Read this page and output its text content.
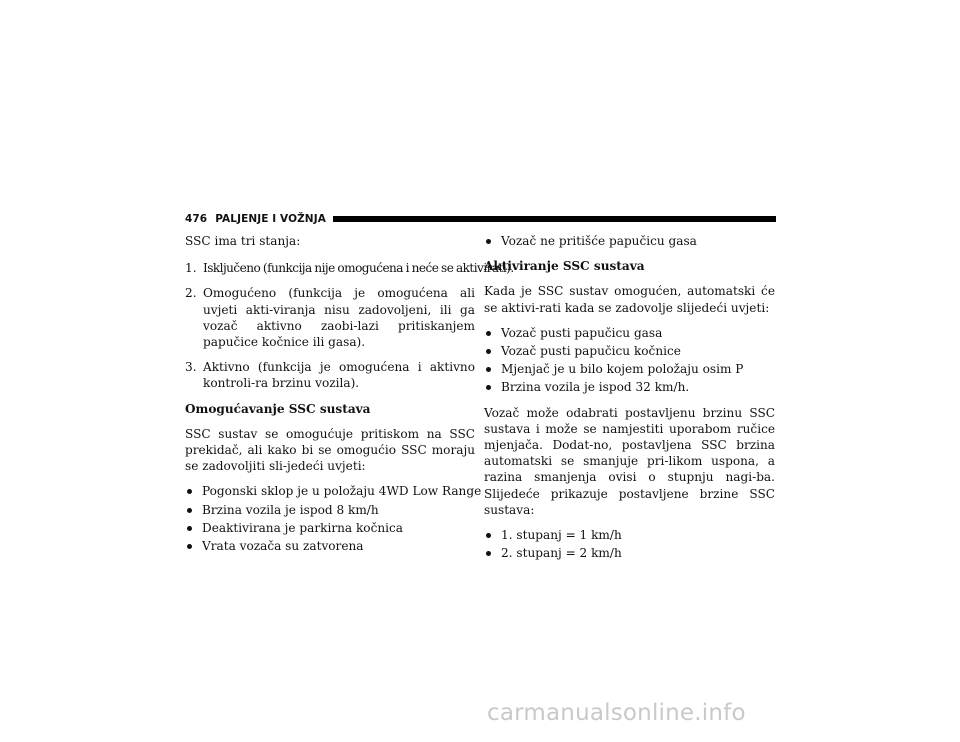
476 PALJENJE I VOŽNJA

SSC ima tri stanja:

1. Isključeno (funkcija nije omogućena i neće se aktivirati).
2. Omogućeno (funkcija je omogućena ali uvjeti akti-viranja nisu zadovoljeni, ili ga vozač aktivno zaobi-lazi pritiskanjem papučice kočnice ili gasa).
3. Aktivno (funkcija je omogućena i aktivno kontroli-ra brzinu vozila).

Omogućavanje SSC sustava

SSC sustav se omogućuje pritiskom na SSC prekidač, ali kako bi se omogućio SSC moraju se zadovoljiti sli-jedeći uvjeti:

Pogonski sklop je u položaju 4WD Low Range
Brzina vozila je ispod 8 km/h
Deaktivirana je parkirna kočnica
Vrata vozača su zatvorena
Vozač ne pritišće papučicu gasa

Aktiviranje SSC sustava

Kada je SSC sustav omogućen, automatski će se aktivi-rati kada se zadovolje slijedeći uvjeti:

Vozač pusti papučicu gasa
Vozač pusti papučicu kočnice
Mjenjač je u bilo kojem položaju osim P
Brzina vozila je ispod 32 km/h.

Vozač može odabrati postavljenu brzinu SSC sustava i može se namjestiti uporabom ručice mjenjača. Dodat-no, postavljena SSC brzina automatski se smanjuje pri-likom uspona, a razina smanjenja ovisi o stupnju nagi-ba. Slijedeće prikazuje postavljene brzine SSC sustava:

1. stupanj = 1 km/h
2. stupanj = 2 km/h
carmanualsonline.info
